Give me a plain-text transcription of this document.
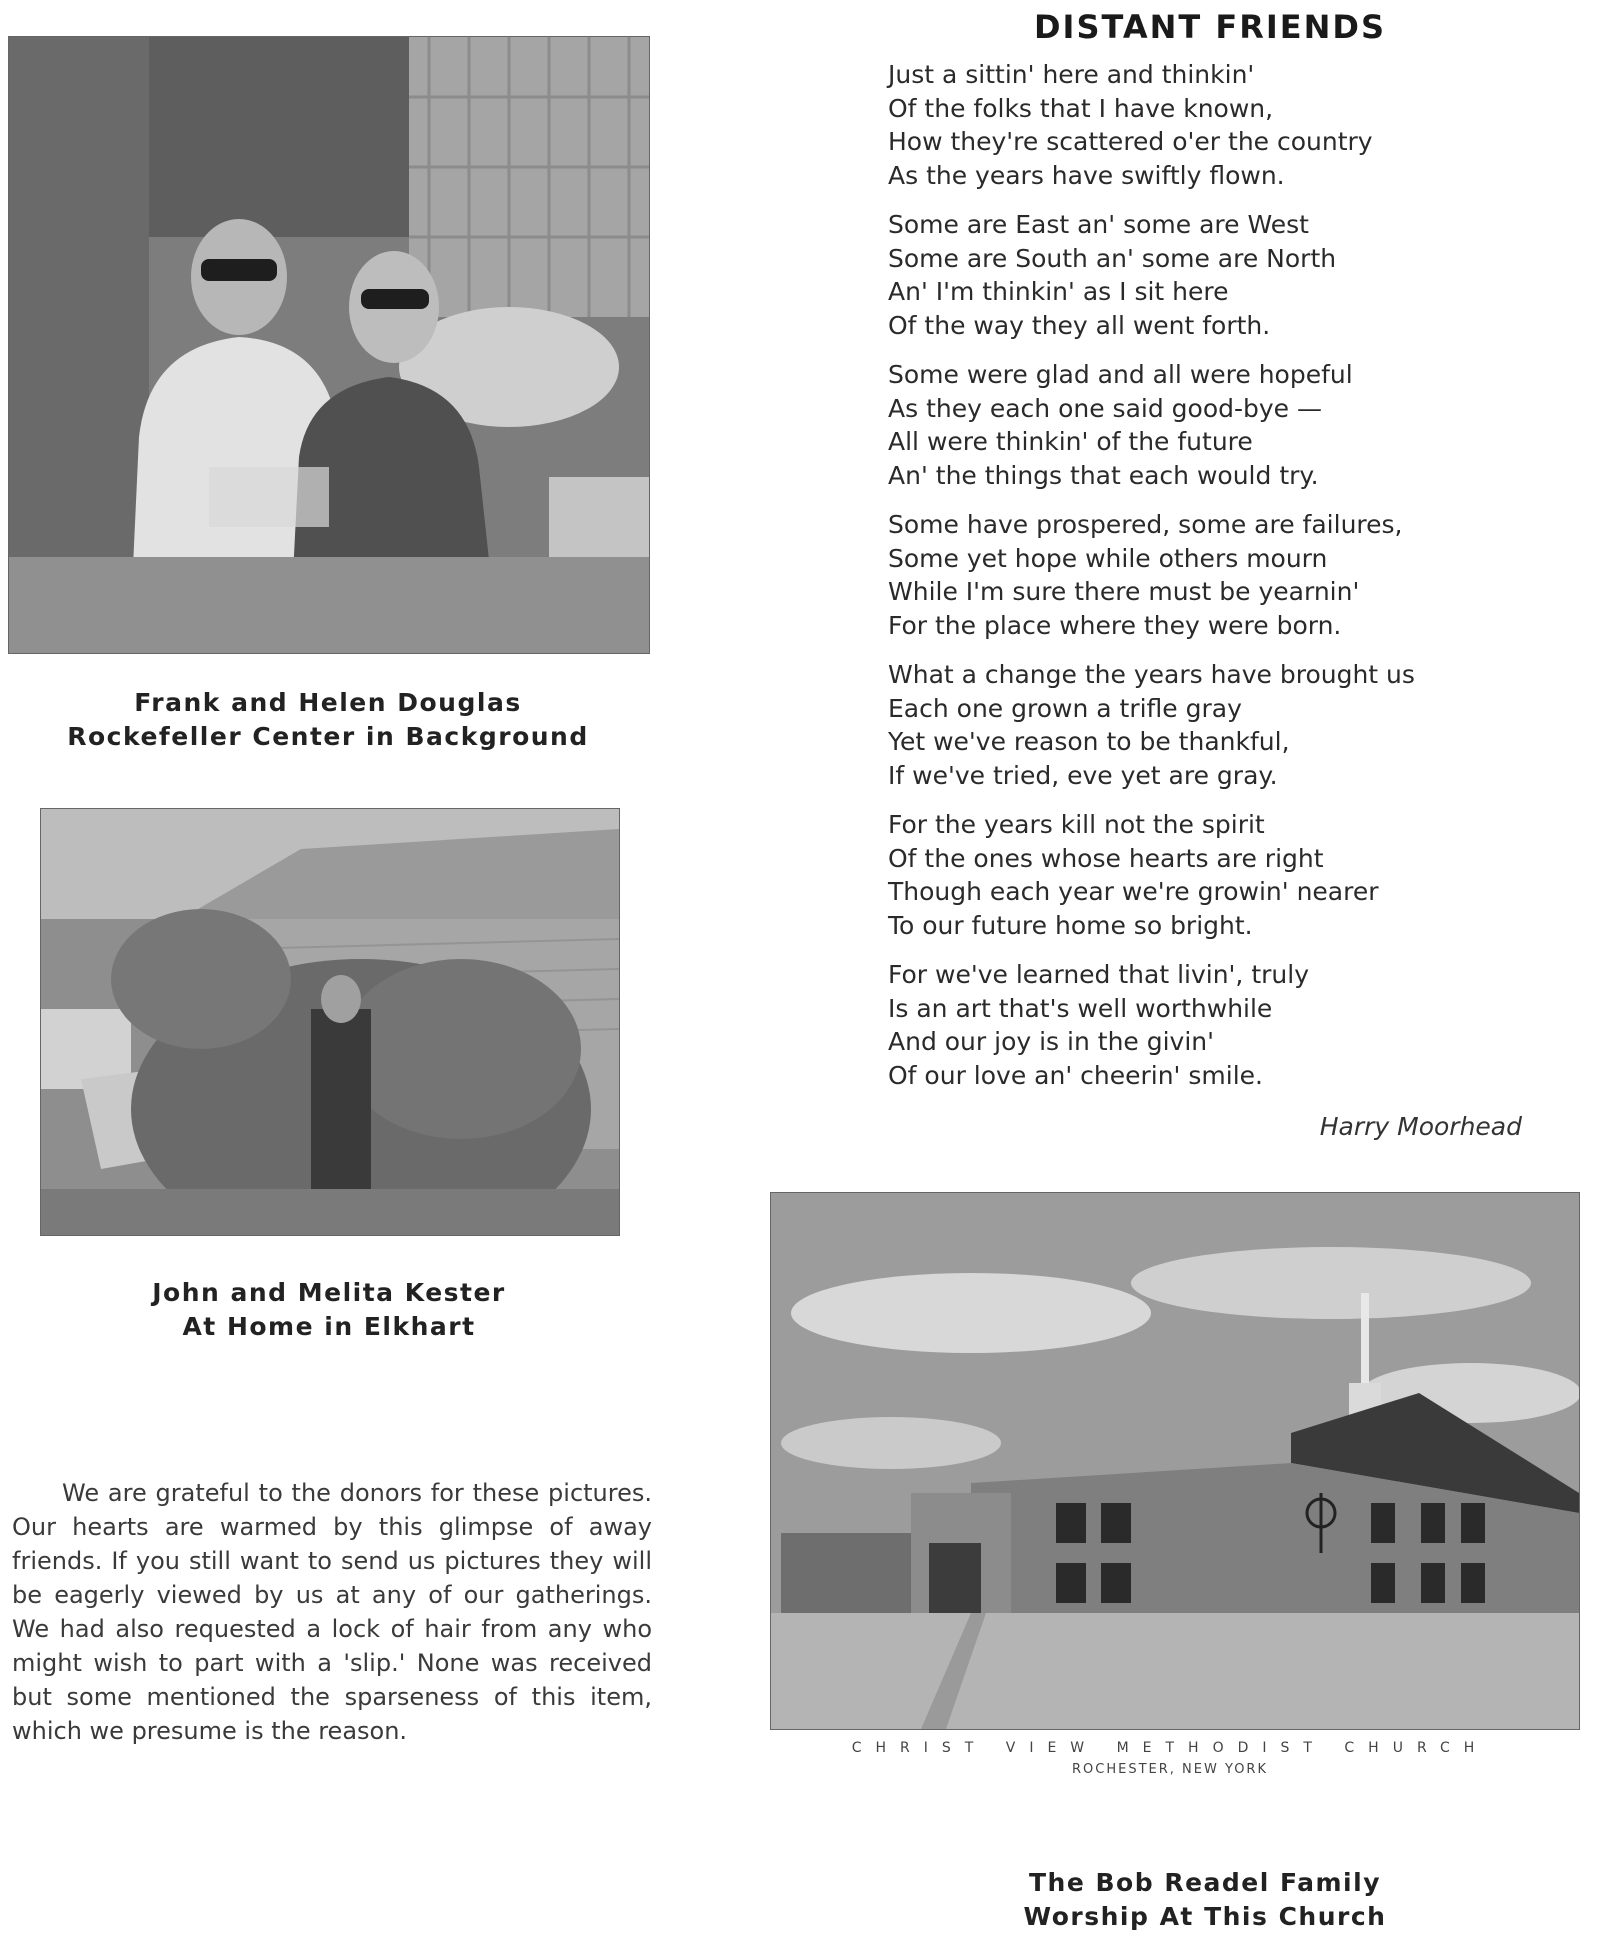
Frank and Helen Douglas
Rockefeller Center in Background
John and Melita Kester
At Home in Elkhart
DISTANT FRIENDS
Just a sittin' here and thinkin'
Of the folks that I have known,
How they're scattered o'er the country
As the years have swiftly flown.
Some are East an' some are West
Some are South an' some are North
An' I'm thinkin' as I sit here
Of the way they all went forth.
Some were glad and all were hopeful
As they each one said good-bye —
All were thinkin' of the future
An' the things that each would try.
Some have prospered, some are failures,
Some yet hope while others mourn
While I'm sure there must be yearnin'
For the place where they were born.
What a change the years have brought us
Each one grown a trifle gray
Yet we've reason to be thankful,
If we've tried, eve yet are gray.
For the years kill not the spirit
Of the ones whose hearts are right
Though each year we're growin' nearer
To our future home so bright.
For we've learned that livin', truly
Is an art that's well worthwhile
And our joy is in the givin'
Of our love an' cheerin' smile.
Harry Moorhead
CHRIST VIEW METHODIST CHURCH
ROCHESTER, NEW YORK
The Bob Readel Family
Worship At This Church
We are grateful to the donors for these pictures. Our hearts are warmed by this glimpse of away friends. If you still want to send us pictures they will be eagerly viewed by us at any of our gatherings. We had also requested a lock of hair from any who might wish to part with a 'slip.' None was received but some mentioned the sparseness of this item, which we presume is the reason.
